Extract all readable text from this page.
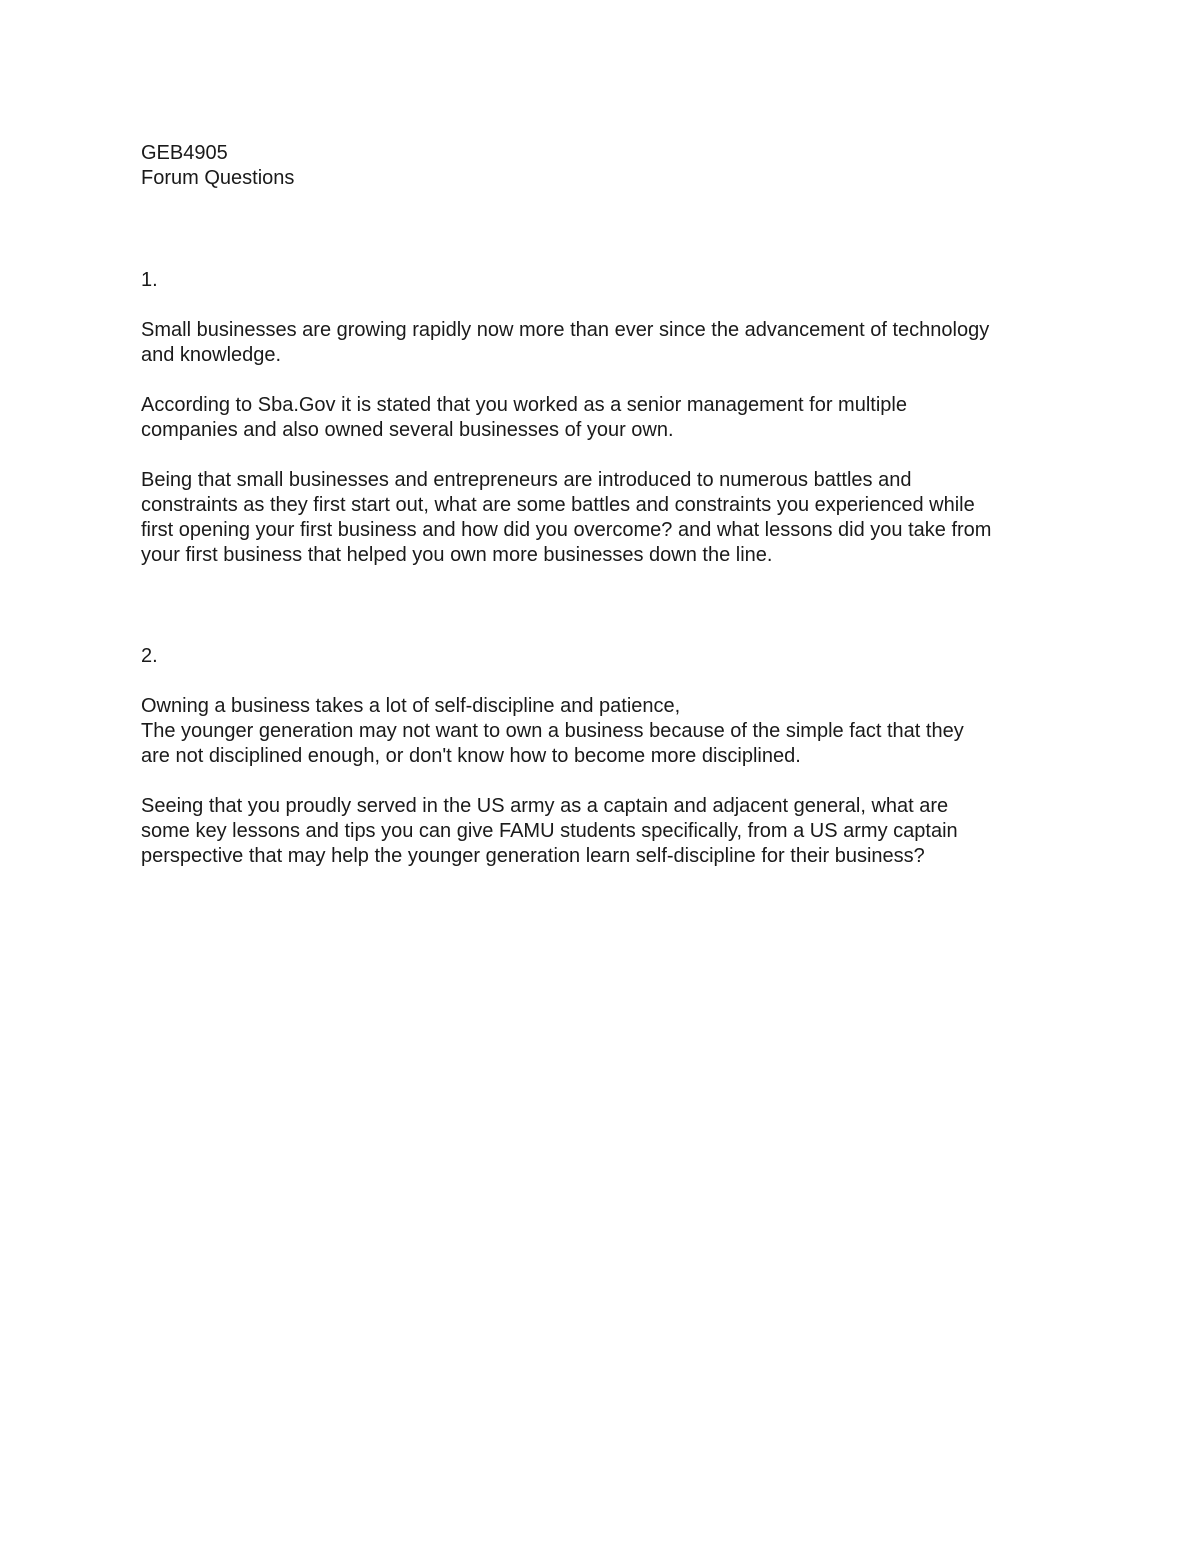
GEB4905
Forum Questions
1.
Small businesses are growing rapidly now more than ever since the advancement of technology
and knowledge.
According to Sba.Gov it is stated that you worked as a senior management for multiple
companies and also owned several businesses of your own.
Being that small businesses and entrepreneurs are introduced to numerous battles and
constraints as they first start out, what are some battles and constraints you experienced while
first opening your first business and how did you overcome? and what lessons did you take from
your first business that helped you own more businesses down the line.
2.
Owning a business takes a lot of self-discipline and patience,
The younger generation may not want to own a business because of the simple fact that they
are not disciplined enough, or don't know how to become more disciplined.
Seeing that you proudly served in the US army as a captain and adjacent general, what are
some key lessons and tips you can give FAMU students specifically, from a US army captain
perspective that may help the younger generation learn self-discipline for their business?
